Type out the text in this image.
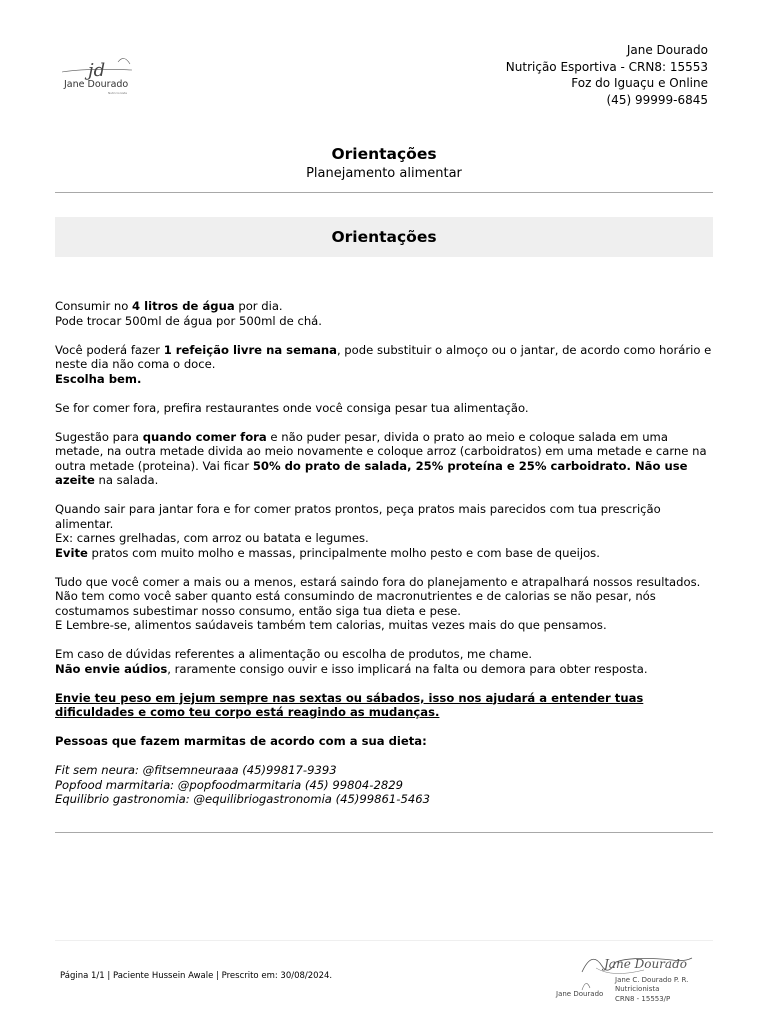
jd
Jane Dourado
Nutricionista
Jane Dourado
Nutrição Esportiva - CRN8: 15553
Foz do Iguaçu e Online
(45) 99999-6845
Orientações
Planejamento alimentar
Orientações

Consumir no 4 litros de água por dia.

Pode trocar 500ml de água por 500ml de chá.

Você poderá fazer 1 refeição livre na semana, pode substituir o almoço ou o jantar, de acordo como horário e neste dia não coma o doce.

Escolha bem.

Se for comer fora, prefira restaurantes onde você consiga pesar tua alimentação.

Sugestão para quando comer fora e não puder pesar, divida o prato ao meio e coloque salada em uma metade, na outra metade divida ao meio novamente e coloque arroz (carboidratos) em uma metade e carne na outra metade (proteina). Vai ficar 50% do prato de salada, 25% proteína e 25% carboidrato. Não use azeite na salada.

Quando sair para jantar fora e for comer pratos prontos, peça pratos mais parecidos com tua prescrição alimentar.

Ex: carnes grelhadas, com arroz ou batata e legumes.

Evite pratos com muito molho e massas, principalmente molho pesto e com base de queijos.

Tudo que você comer a mais ou a menos, estará saindo fora do planejamento e atrapalhará nossos resultados.

Não tem como você saber quanto está consumindo de macronutrientes e de calorias se não pesar, nós costumamos subestimar nosso consumo, então siga tua dieta e pese.

E Lembre-se, alimentos saúdaveis também tem calorias, muitas vezes mais do que pensamos.

Em caso de dúvidas referentes a alimentação ou escolha de produtos, me chame.

Não envie aúdios, raramente consigo ouvir e isso implicará na falta ou demora para obter resposta.

Envie teu peso em jejum sempre nas sextas ou sábados, isso nos ajudará a entender tuas dificuldades e como teu corpo está reagindo as mudanças.

Pessoas que fazem marmitas de acordo com a sua dieta:

Fit sem neura: @fitsemneuraaa (45)99817-9393

Popfood marmitaria: @popfoodmarmitaria (45) 99804-2829

Equilibrio gastronomia: @equilibriogastronomia (45)99861-5463

Página 1/1 | Paciente Hussein Awale | Prescrito em: 30/08/2024.
Jane Dourado
Jane Dourado
Jane C. Dourado P. R.
Nutricionista
CRN8 - 15553/P
